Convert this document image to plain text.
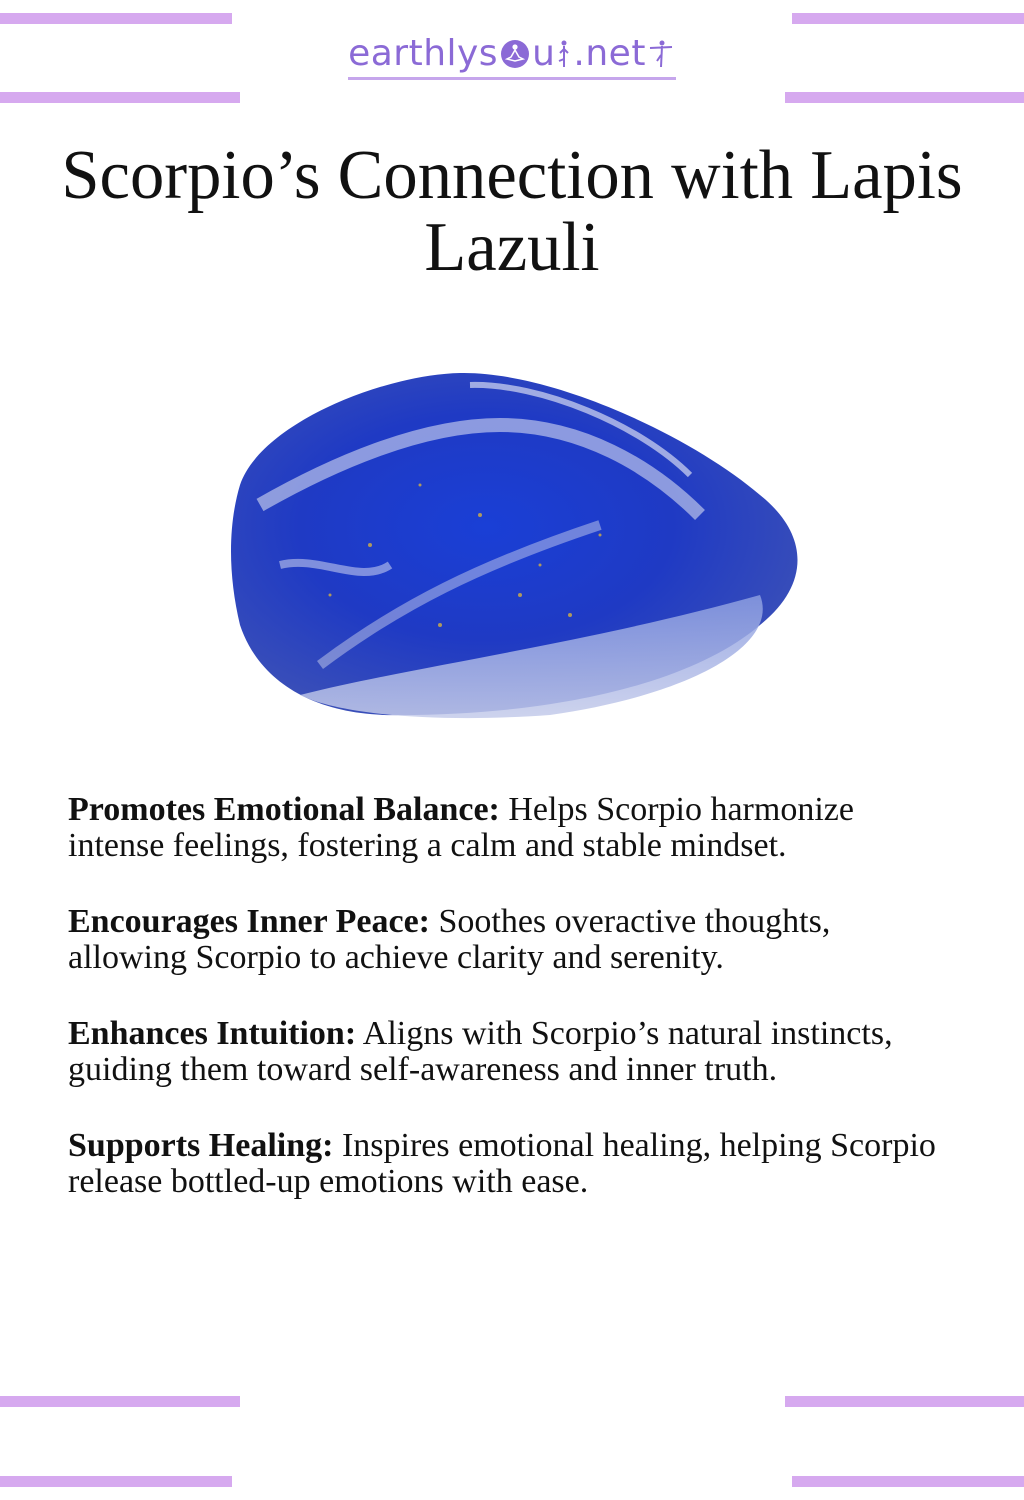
earthlys u .net
Scorpio’s Connection with Lapis Lazuli

Promotes Emotional Balance: Helps Scorpio harmonize intense feelings, fostering a calm and stable mindset.

Encourages Inner Peace: Soothes overactive thoughts, allowing Scorpio to achieve clarity and serenity.

Enhances Intuition: Aligns with Scorpio’s natural instincts, guiding them toward self-awareness and inner truth.

Supports Healing: Inspires emotional healing, helping Scorpio release bottled-up emotions with ease.
